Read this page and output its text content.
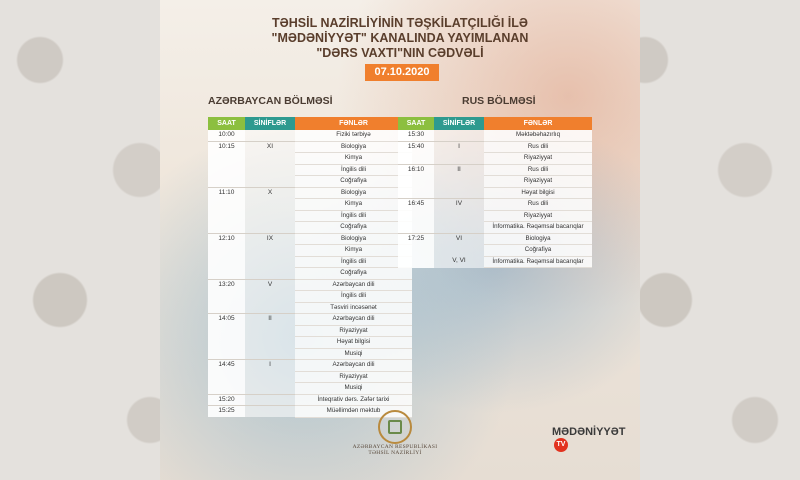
TƏHSİL NAZİRLİYİNİN TƏŞKİLATÇILIĞI İLƏ
"MƏDƏNİYYƏT" KANALINDA YAYIMLANAN
"DƏRS VAXTI"NIN CƏDVƏLİ
07.10.2020
AZƏRBAYCAN BÖLMƏSİ	RUS BÖLMƏSİ
SAAT	SİNİFLƏR	FƏNLƏR
10:00		Fiziki tərbiyə
10:15	XI	Biologiya
		Kimya
		İngilis dili
		Coğrafiya
11:10	X	Biologiya
		Kimya
		İngilis dili
		Coğrafiya
12:10	IX	Biologiya
		Kimya
		İngilis dili
		Coğrafiya
13:20	V	Azərbaycan dili
		İngilis dili
		Təsviri incəsənət
14:05	II	Azərbaycan dili
		Riyaziyyat
		Həyat bilgisi
		Musiqi
14:45	I	Azərbaycan dili
		Riyaziyyat
		Musiqi
15:20		İnteqrativ dərs. Zəfər tarixi
15:25		Müəllimdən məktub
SAAT	SİNİFLƏR	FƏNLƏR
15:30		Məktəbəhazırlıq
15:40	I	Rus dili
		Riyaziyyat
16:10	II	Rus dili
		Riyaziyyat
		Həyat bilgisi
16:45	IV	Rus dili
		Riyaziyyat
		İnformatika. Rəqəmsal bacarıqlar
17:25	VI	Biologiya
		Coğrafiya
	V, VI	İnformatika. Rəqəmsal bacarıqlar
AZƏRBAYCAN RESPUBLİKASI
TƏHSİL NAZİRLİYİ
MƏDƏNİYYƏTTV
